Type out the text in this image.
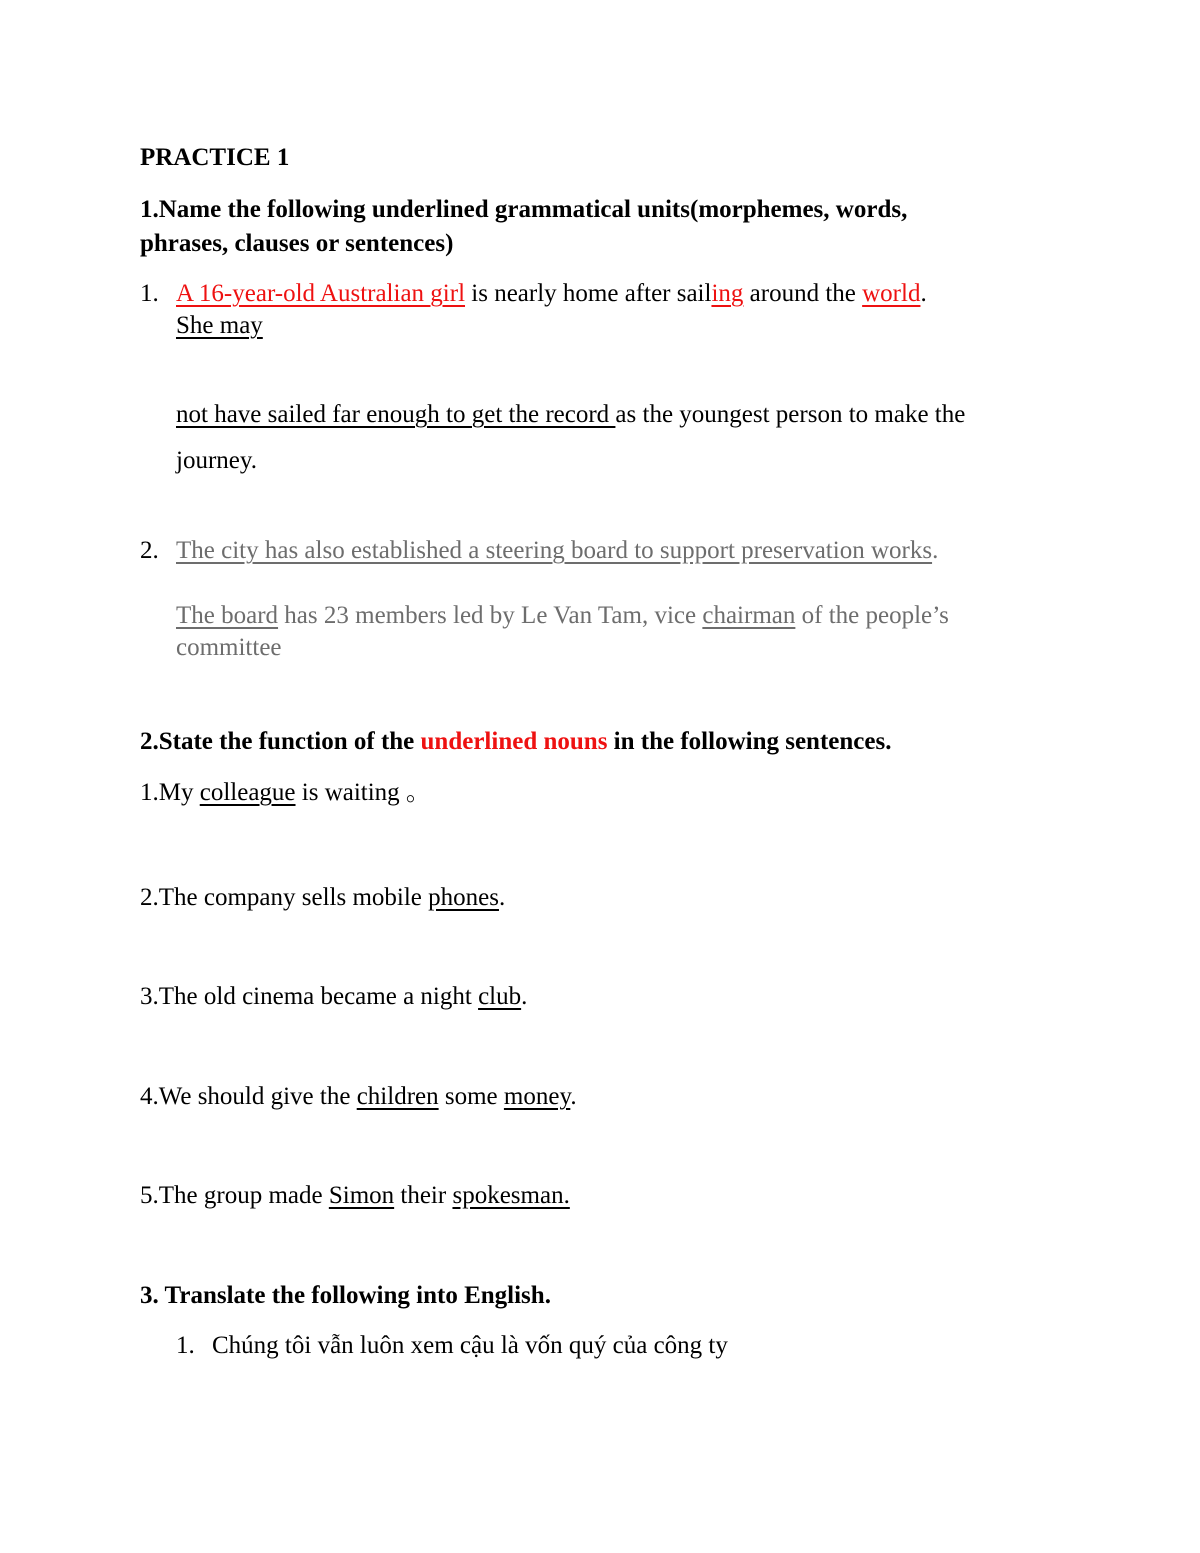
PRACTICE 1
1.Name the following underlined grammatical units(morphemes, words,
phrases, clauses or sentences)
1. A 16-year-old Australian girl is nearly home after sailing around the world.
She may
not have sailed far enough to get the record as the youngest person to make the
journey.
2. The city has also established a steering board to support preservation works.
The board has 23 members led by Le Van Tam, vice chairman of the people’s
committee
2.State the function of the underlined nouns in the following sentences.
1.My colleague is waiting 。
2.The company sells mobile phones.
3.The old cinema became a night club.
4.We should give the children some money.
5.The group made Simon their spokesman.
3. Translate the following into English.
1. Chúng tôi vẫn luôn xem cậu là vốn quý của công ty
